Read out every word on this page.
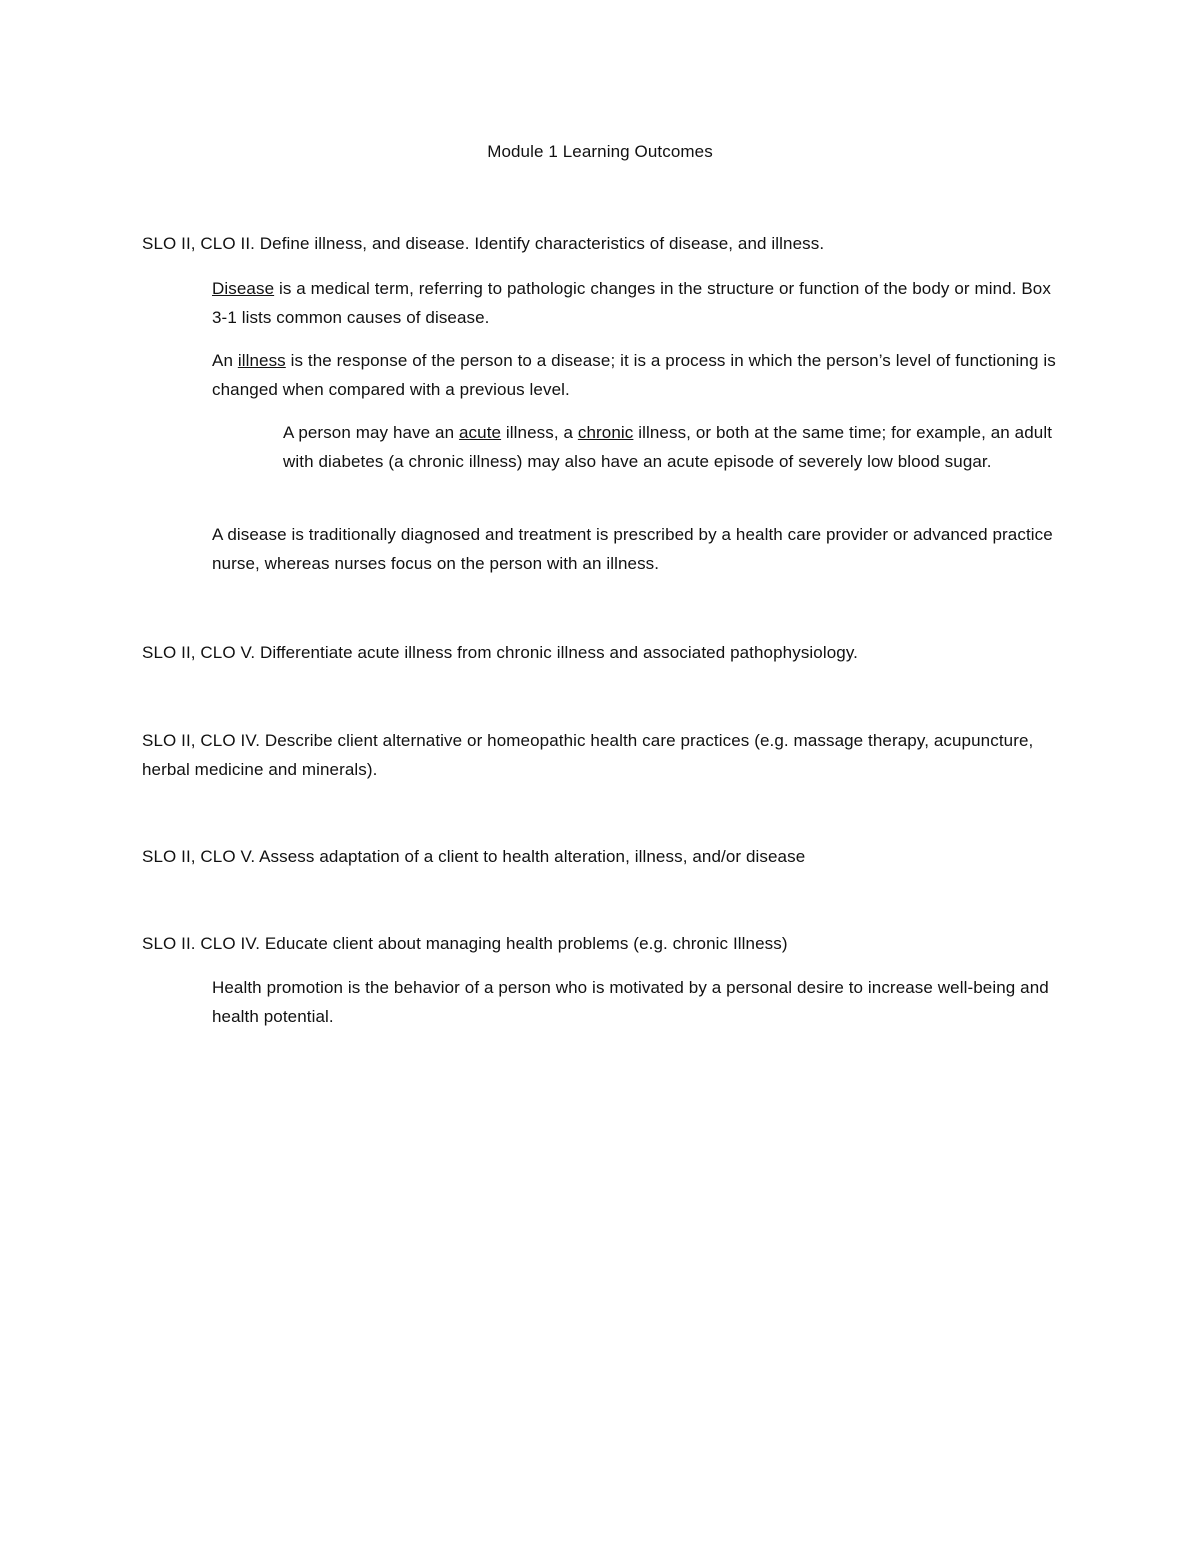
Module 1 Learning Outcomes
SLO II, CLO II. Define illness, and disease. Identify characteristics of disease, and illness.
Disease is a medical term, referring to pathologic changes in the structure or function of the body or mind. Box 3-1 lists common causes of disease.
An illness is the response of the person to a disease; it is a process in which the person’s level of functioning is changed when compared with a previous level.
A person may have an acute illness, a chronic illness, or both at the same time; for example, an adult with diabetes (a chronic illness) may also have an acute episode of severely low blood sugar.
A disease is traditionally diagnosed and treatment is prescribed by a health care provider or advanced practice nurse, whereas nurses focus on the person with an illness.
SLO II, CLO V. Differentiate acute illness from chronic illness and associated pathophysiology.
SLO II, CLO IV. Describe client alternative or homeopathic health care practices (e.g. massage therapy, acupuncture, herbal medicine and minerals).
SLO II, CLO V. Assess adaptation of a client to health alteration, illness, and/or disease
SLO II. CLO IV. Educate client about managing health problems (e.g. chronic Illness)
Health promotion is the behavior of a person who is motivated by a personal desire to increase well-being and health potential.
